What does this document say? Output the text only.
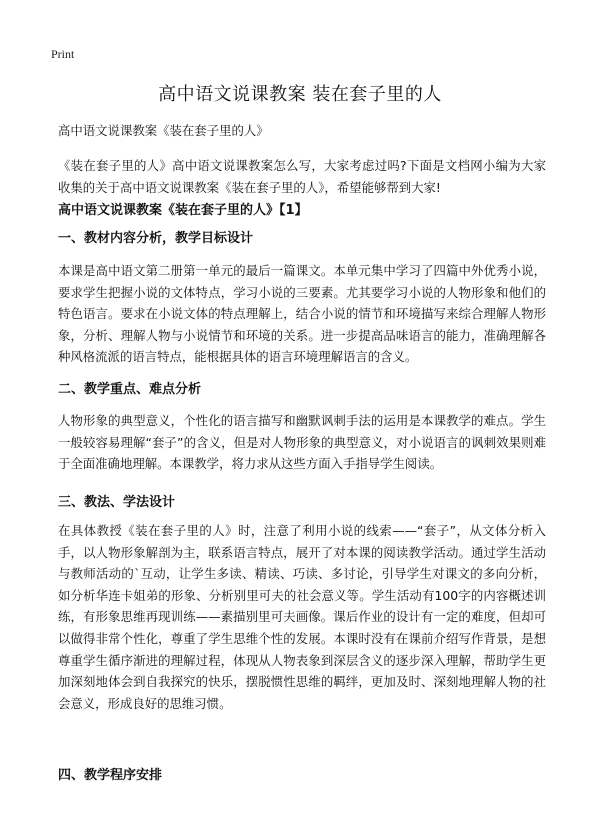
Print
高中语文说课教案 装在套子里的人
高中语文说课教案《装在套子里的人》
《装在套子里的人》高中语文说课教案怎么写，大家考虑过吗?下面是文档网小编为大家收集的关于高中语文说课教案《装在套子里的人》，希望能够帮到大家!
高中语文说课教案《装在套子里的人》【1】
一、教材内容分析，教学目标设计
本课是高中语文第二册第一单元的最后一篇课文。本单元集中学习了四篇中外优秀小说，要求学生把握小说的文体特点，学习小说的三要素。尤其要学习小说的人物形象和他们的特色语言。要求在小说文体的特点理解上，结合小说的情节和环境描写来综合理解人物形象，分析、理解人物与小说情节和环境的关系。进一步提高品味语言的能力，准确理解各种风格流派的语言特点，能根据具体的语言环境理解语言的含义。
二、教学重点、难点分析
人物形象的典型意义，个性化的语言描写和幽默讽刺手法的运用是本课教学的难点。学生一般较容易理解“套子”的含义，但是对人物形象的典型意义，对小说语言的讽刺效果则难于全面准确地理解。本课教学，将力求从这些方面入手指导学生阅读。
三、教法、学法设计
在具体教授《装在套子里的人》时，注意了利用小说的线索——“套子”，从文体分析入手，以人物形象解剖为主，联系语言特点，展开了对本课的阅读教学活动。通过学生活动与教师活动的`互动，让学生多读、精读、巧读、多讨论，引导学生对课文的多向分析，如分析华连卡姐弟的形象、分析别里可夫的社会意义等。学生活动有100字的内容概述训练，有形象思维再现训练——素描别里可夫画像。课后作业的设计有一定的难度，但却可以做得非常个性化，尊重了学生思维个性的发展。本课时没有在课前介绍写作背景，是想尊重学生循序渐进的理解过程，体现从人物表象到深层含义的逐步深入理解，帮助学生更加深刻地体会到自我探究的快乐，摆脱惯性思维的羁绊，更加及时、深刻地理解人物的社会意义，形成良好的思维习惯。
四、教学程序安排
